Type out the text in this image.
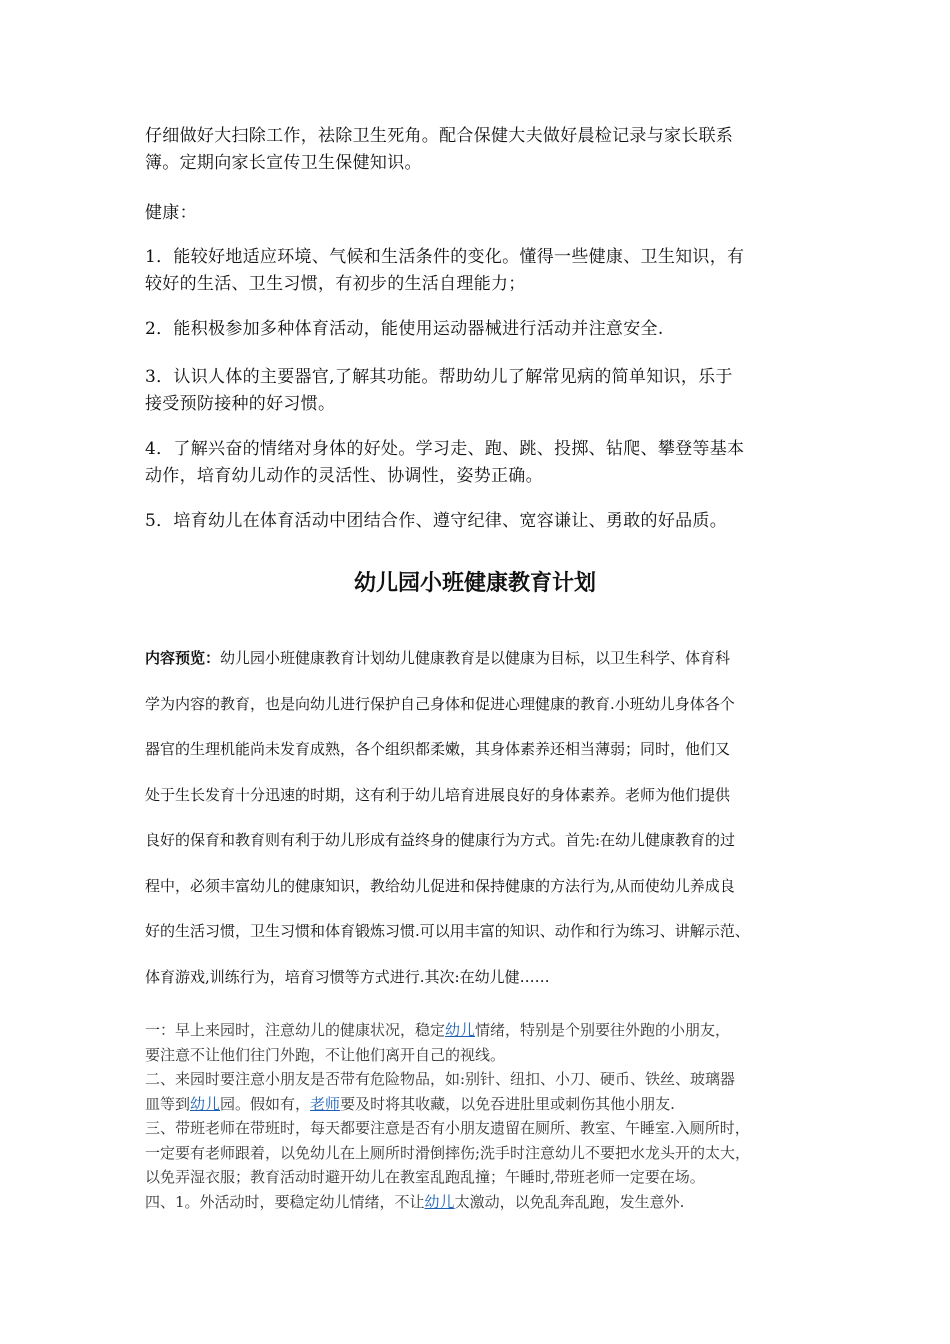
仔细做好大扫除工作，祛除卫生死角。配合保健大夫做好晨检记录与家长联系
簿。定期向家长宣传卫生保健知识。

健康：

1．能较好地适应环境、气候和生活条件的变化。懂得一些健康、卫生知识，有
较好的生活、卫生习惯，有初步的生活自理能力；

2．能积极参加多种体育活动，能使用运动器械进行活动并注意安全.

3．认识人体的主要器官,了解其功能。帮助幼儿了解常见病的简单知识，乐于
接受预防接种的好习惯。

4．了解兴奋的情绪对身体的好处。学习走、跑、跳、投掷、钻爬、攀登等基本
动作，培育幼儿动作的灵活性、协调性，姿势正确。

5．培育幼儿在体育活动中团结合作、遵守纪律、宽容谦让、勇敢的好品质。

幼儿园小班健康教育计划

内容预览：幼儿园小班健康教育计划幼儿健康教育是以健康为目标，以卫生科学、体育科
学为内容的教育，也是向幼儿进行保护自己身体和促进心理健康的教育.小班幼儿身体各个
器官的生理机能尚未发育成熟，各个组织都柔嫩，其身体素养还相当薄弱；同时，他们又
处于生长发育十分迅速的时期，这有利于幼儿培育进展良好的身体素养。老师为他们提供
良好的保育和教育则有利于幼儿形成有益终身的健康行为方式。首先:在幼儿健康教育的过
程中，必须丰富幼儿的健康知识，教给幼儿促进和保持健康的方法行为,从而使幼儿养成良
好的生活习惯，卫生习惯和体育锻炼习惯.可以用丰富的知识、动作和行为练习、讲解示范、
体育游戏,训练行为，培育习惯等方式进行.其次:在幼儿健……

一：早上来园时，注意幼儿的健康状况，稳定幼儿情绪，特别是个别要往外跑的小朋友，
要注意不让他们往门外跑，不让他们离开自己的视线。
二、来园时要注意小朋友是否带有危险物品，如:别针、纽扣、小刀、硬币、铁丝、玻璃器
皿等到幼儿园。假如有，老师要及时将其收藏，以免吞进肚里或刺伤其他小朋友.
三、带班老师在带班时，每天都要注意是否有小朋友遗留在厕所、教室、午睡室.入厕所时，
一定要有老师跟着，以免幼儿在上厕所时滑倒摔伤;洗手时注意幼儿不要把水龙头开的太大，
以免弄湿衣服；教育活动时避开幼儿在教室乱跑乱撞；午睡时,带班老师一定要在场。
四、1。外活动时，要稳定幼儿情绪，不让幼儿太激动，以免乱奔乱跑，发生意外.
